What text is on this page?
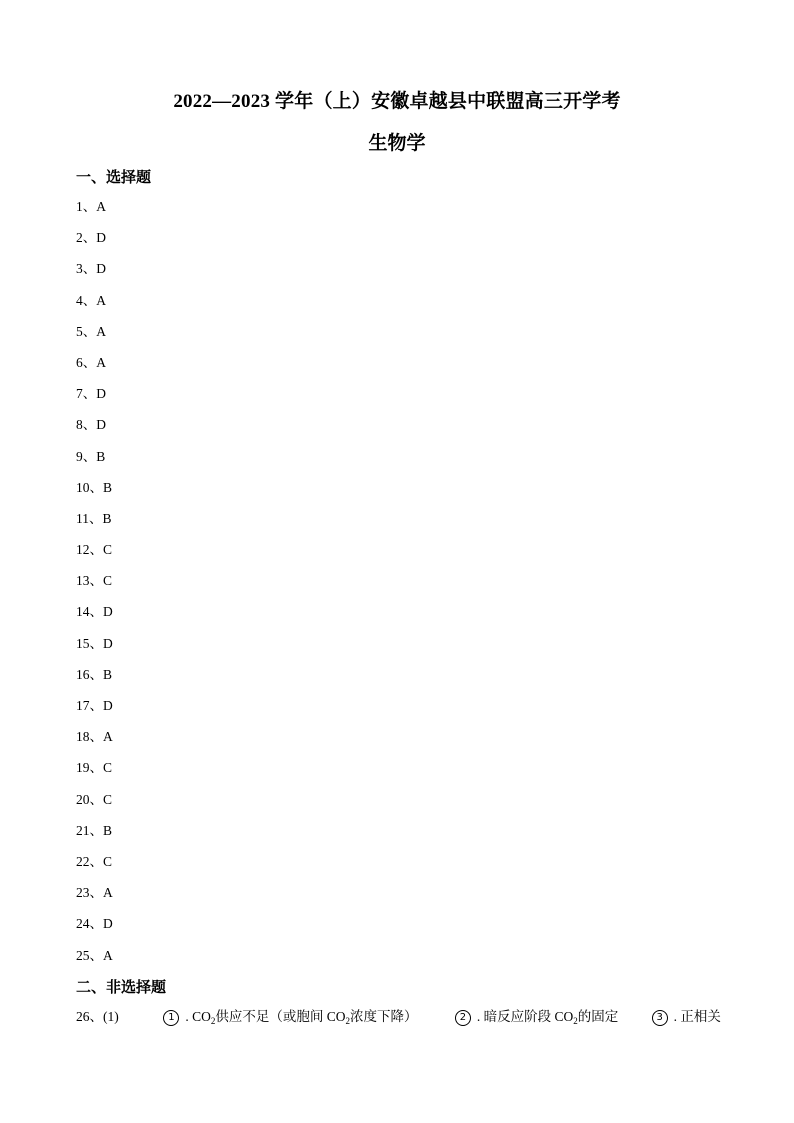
2022—2023 学年（上）安徽卓越县中联盟高三开学考
生物学
一、选择题
1、A
2、D
3、D
4、A
5、A
6、A
7、D
8、D
9、B
10、B
11、B
12、C
13、C
14、D
15、D
16、B
17、D
18、A
19、C
20、C
21、B
22、C
23、A
24、D
25、A
二、非选择题
26、(1)	1 . $CO_2$供应不足（或胞间 $CO_2$浓度下降）	2 . 暗反应阶段 $CO_2$的固定	3 . 正相关
